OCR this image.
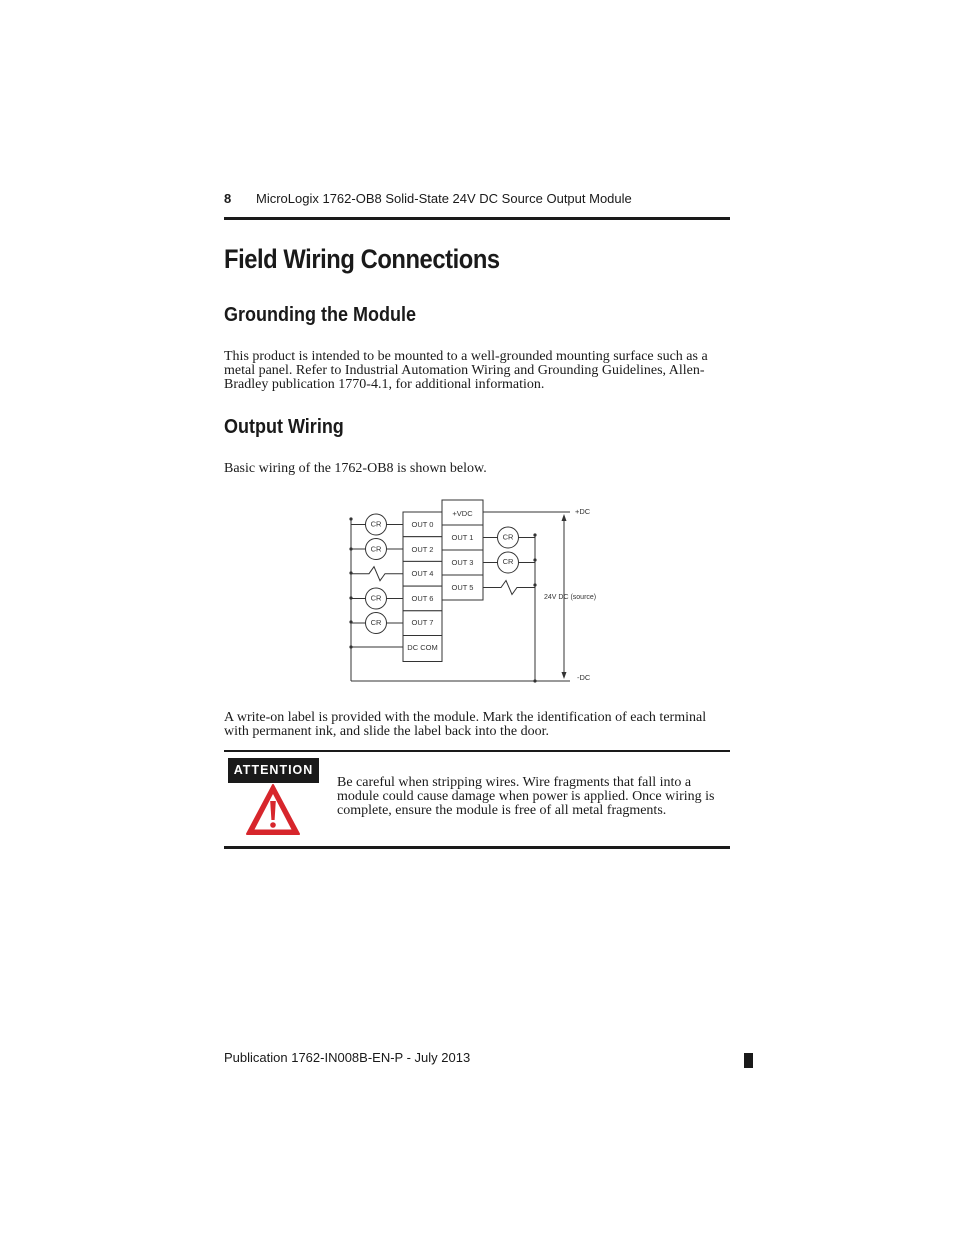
8 MicroLogix 1762-OB8 Solid-State 24V DC Source Output Module
Field Wiring Connections
Grounding the Module

This product is intended to be mounted to a well-grounded mounting surface such as a metal panel. Refer to Industrial Automation Wiring and Grounding Guidelines, Allen-Bradley publication 1770-4.1, for additional information.

Output Wiring

Basic wiring of the 1762-OB8 is shown below.

OUT 0
OUT 2
OUT 4
OUT 6
OUT 7
DC COM
+VDC
OUT 1
OUT 3
OUT 5
CR
CR
CR
CR
CR
CR
+DC
-DC
24V DC (source)

A write-on label is provided with the module. Mark the identification of each terminal with permanent ink, and slide the label back into the door.

ATTENTION

Be careful when stripping wires. Wire fragments that fall into a module could cause damage when power is applied. Once wiring is complete, ensure the module is free of all metal fragments.

Publication 1762-IN008B-EN-P - July 2013
